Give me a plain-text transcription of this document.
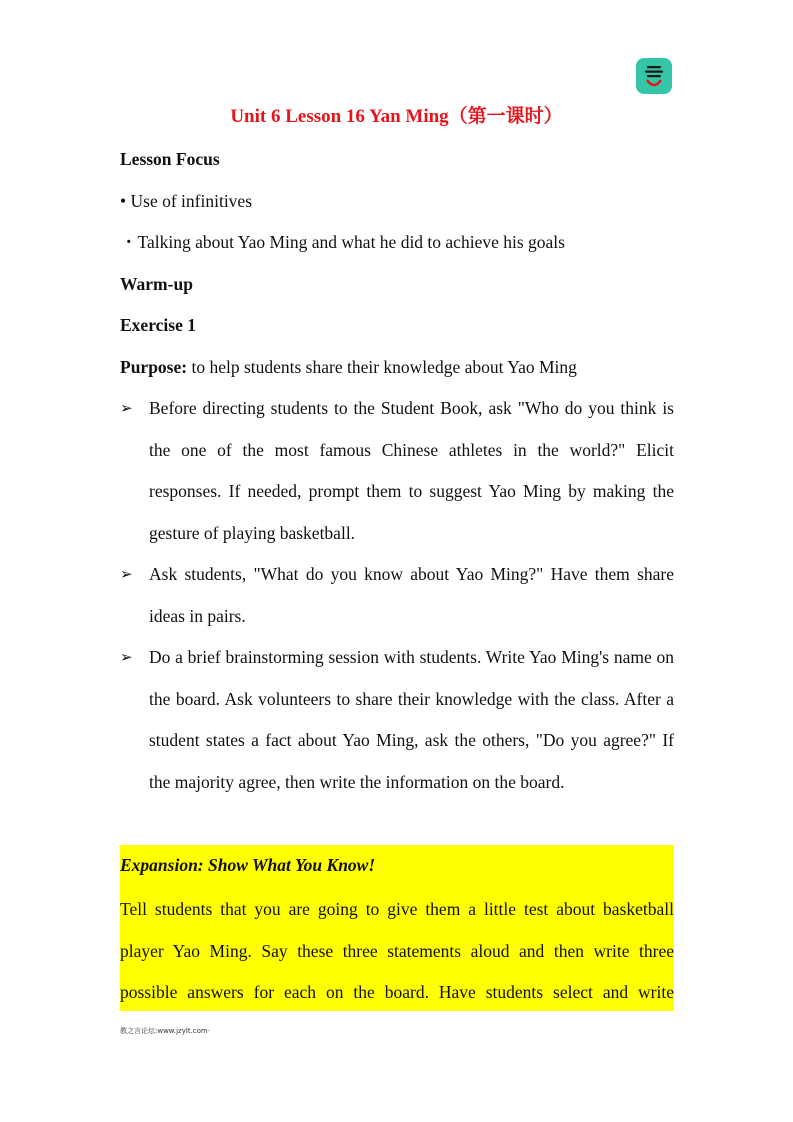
Unit 6 Lesson 16 Yan Ming（第一课时）
Lesson Focus
• Use of infinitives
・Talking about Yao Ming and what he did to achieve his goals
Warm-up
Exercise 1
Purpose: to help students share their knowledge about Yao Ming
➢ Before directing students to the Student Book, ask "Who do you think is the one of the most famous Chinese athletes in the world?" Elicit responses. If needed, prompt them to suggest Yao Ming by making the gesture of playing basketball.
➢ Ask students, "What do you know about Yao Ming?" Have them share ideas in pairs.
➢ Do a brief brainstorming session with students. Write Yao Ming's name on the board. Ask volunteers to share their knowledge with the class. After a student states a fact about Yao Ming, ask the others, "Do you agree?" If the majority agree, then write the information on the board.
Expansion: Show What You Know!
Tell students that you are going to give them a little test about basketball player Yao Ming. Say these three statements aloud and then write three possible answers for each on the board. Have students select and write
教之言论坛:www.jzylt.com·
